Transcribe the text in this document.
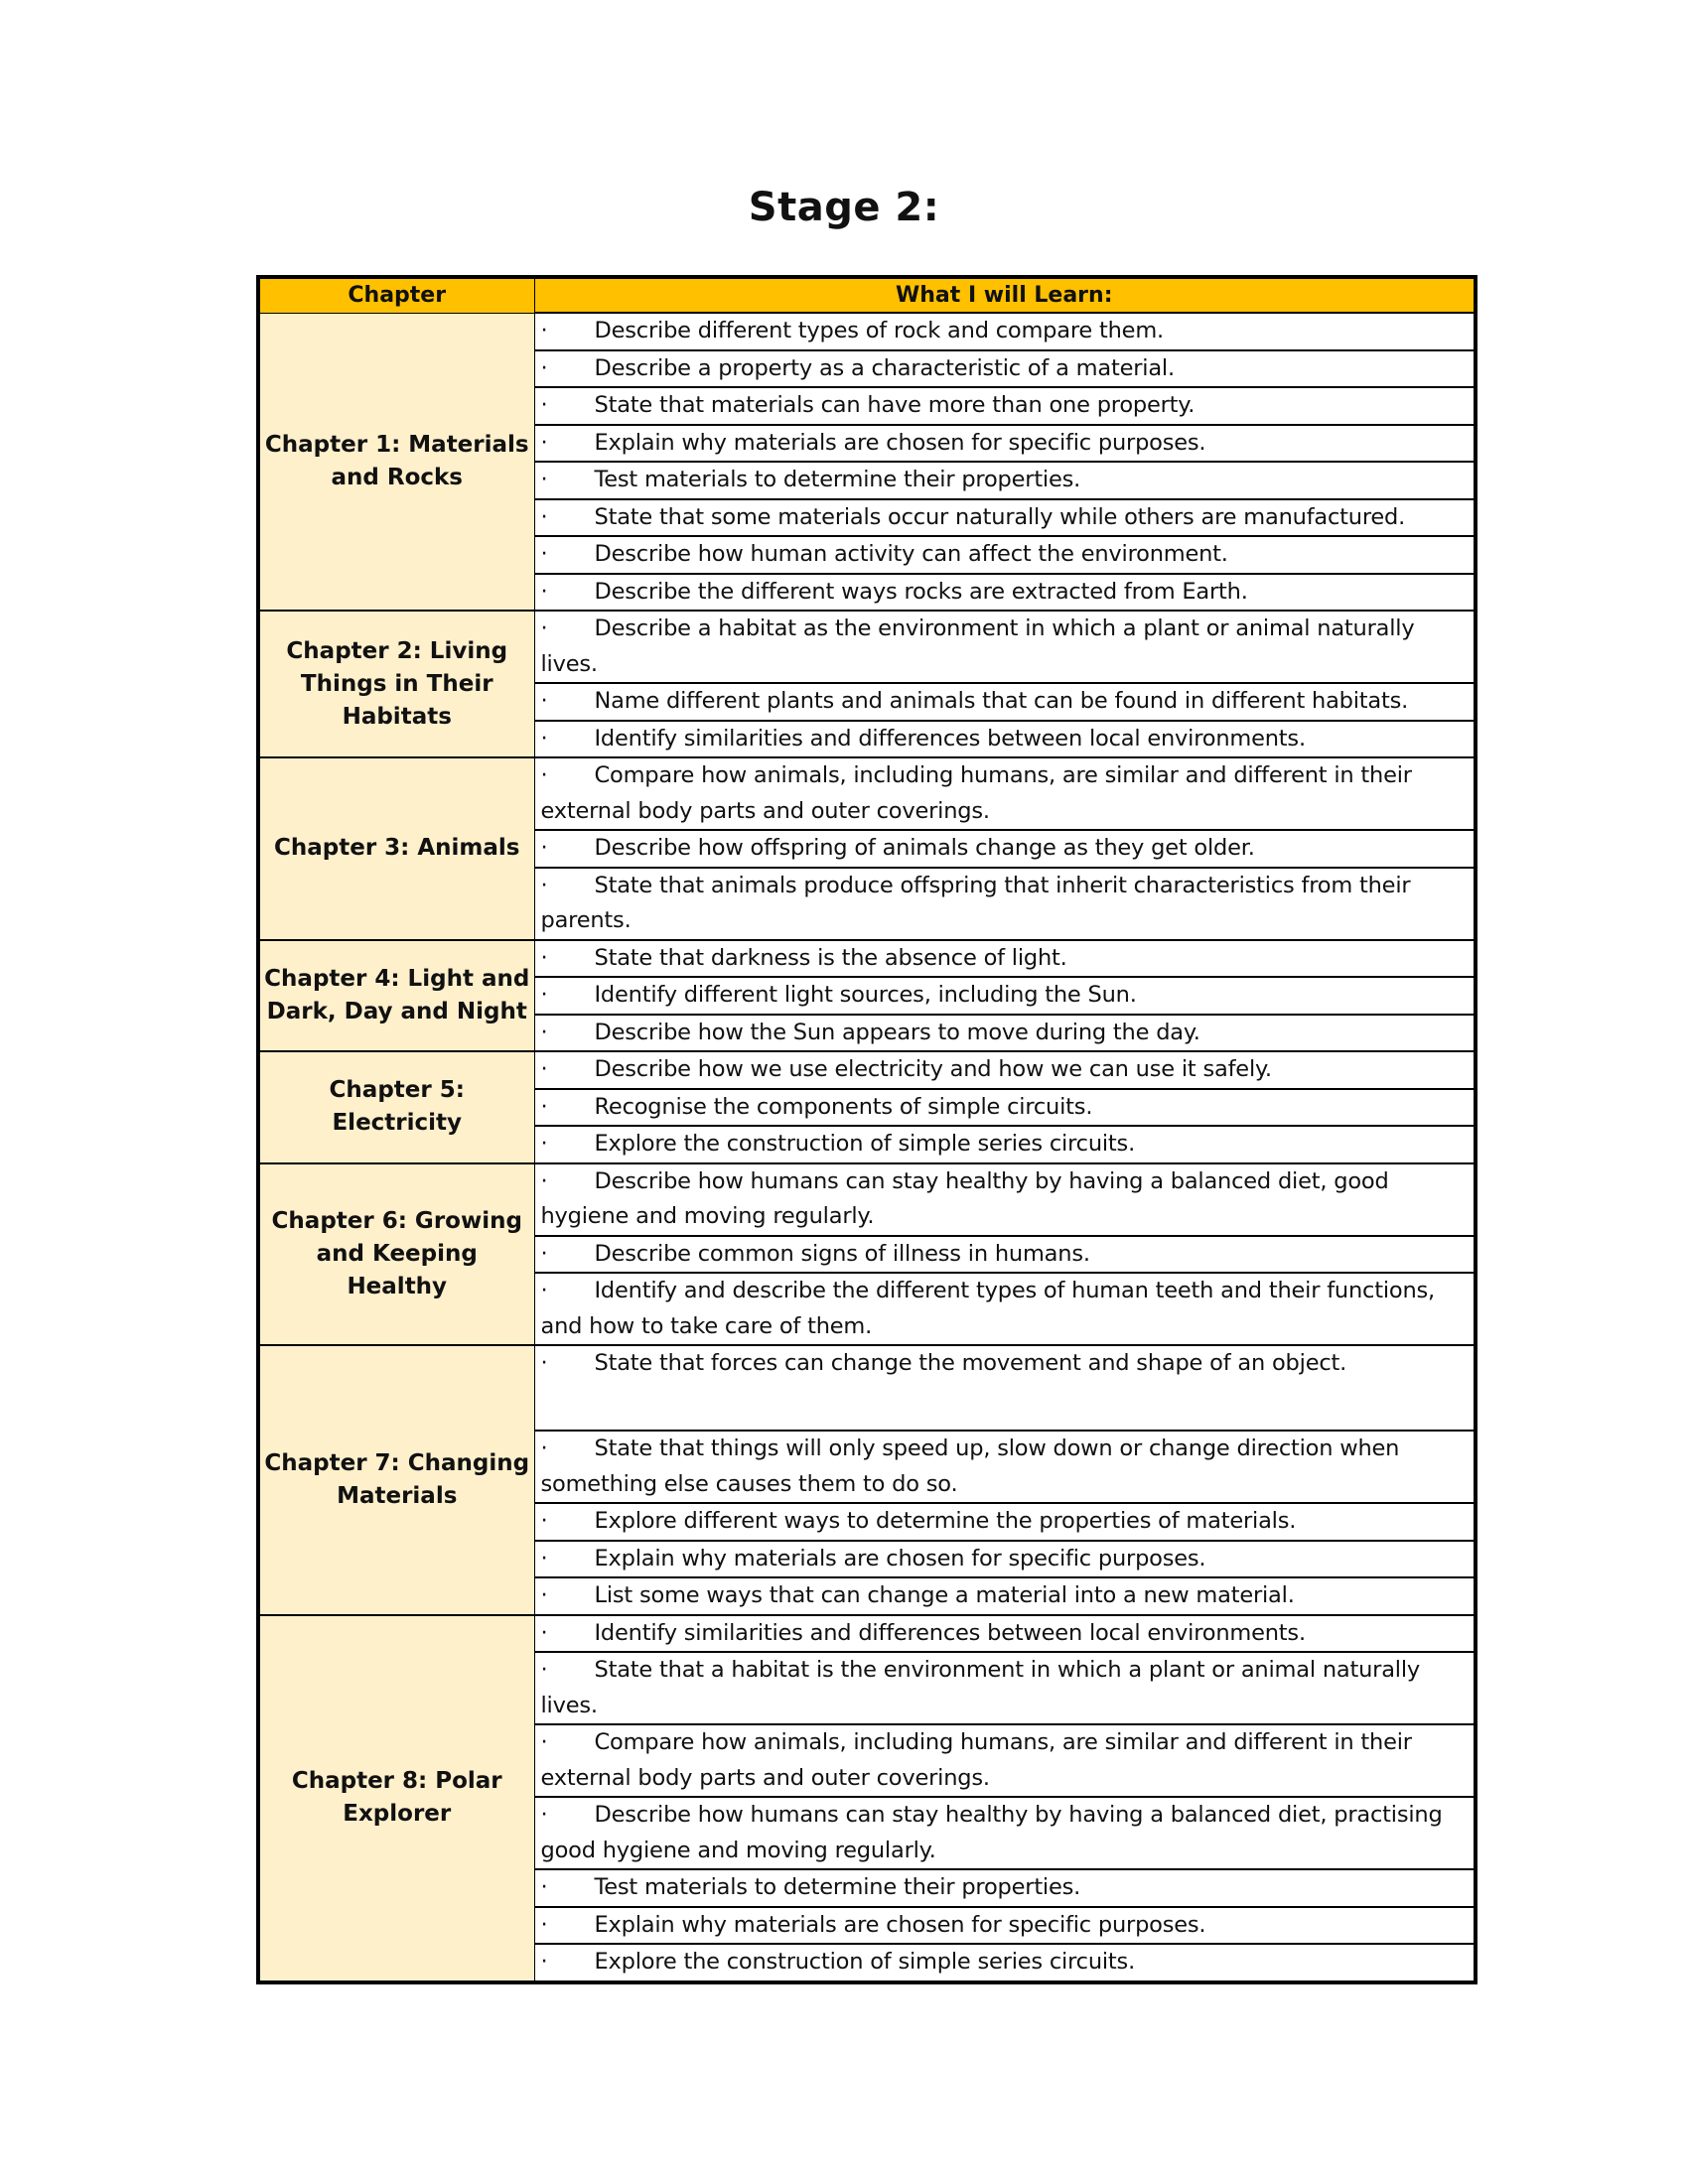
Stage 2:
Chapter	What I will Learn:
Chapter 1: Materials and Rocks	· Describe different types of rock and compare them.
	· Describe a property as a characteristic of a material.
	· State that materials can have more than one property.
	· Explain why materials are chosen for specific purposes.
	· Test materials to determine their properties.
	· State that some materials occur naturally while others are manufactured.
	· Describe how human activity can affect the environment.
	· Describe the different ways rocks are extracted from Earth.
Chapter 2: Living Things in Their Habitats	· Describe a habitat as the environment in which a plant or animal naturally lives.
	· Name different plants and animals that can be found in different habitats.
	· Identify similarities and differences between local environments.
Chapter 3: Animals	· Compare how animals, including humans, are similar and different in their external body parts and outer coverings.
	· Describe how offspring of animals change as they get older.
	· State that animals produce offspring that inherit characteristics from their parents.
Chapter 4: Light and Dark, Day and Night	· State that darkness is the absence of light.
	· Identify different light sources, including the Sun.
	· Describe how the Sun appears to move during the day.
Chapter 5: Electricity	· Describe how we use electricity and how we can use it safely.
	· Recognise the components of simple circuits.
	· Explore the construction of simple series circuits.
Chapter 6: Growing and Keeping Healthy	· Describe how humans can stay healthy by having a balanced diet, good hygiene and moving regularly.
	· Describe common signs of illness in humans.
	· Identify and describe the different types of human teeth and their functions, and how to take care of them.
Chapter 7: Changing Materials	· State that forces can change the movement and shape of an object.
	· State that things will only speed up, slow down or change direction when something else causes them to do so.
	· Explore different ways to determine the properties of materials.
	· Explain why materials are chosen for specific purposes.
	· List some ways that can change a material into a new material.
Chapter 8: Polar Explorer	· Identify similarities and differences between local environments.
	· State that a habitat is the environment in which a plant or animal naturally lives.
	· Compare how animals, including humans, are similar and different in their external body parts and outer coverings.
	· Describe how humans can stay healthy by having a balanced diet, practising good hygiene and moving regularly.
	· Test materials to determine their properties.
	· Explain why materials are chosen for specific purposes.
	· Explore the construction of simple series circuits.
